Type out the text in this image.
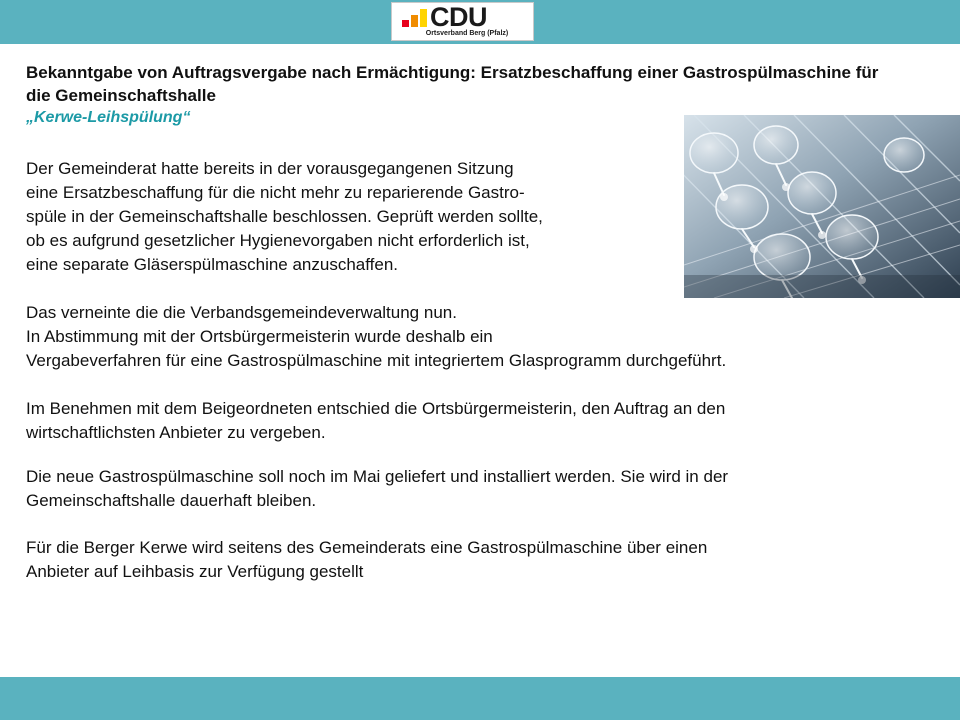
CDU
Ortsverband Berg (Pfalz)
Bekanntgabe von Auftragsvergabe nach Ermächtigung: Ersatzbeschaffung einer Gastrospülmaschine für die Gemeinschaftshalle
„Kerwe-Leihspülung“
Der Gemeinderat hatte bereits in der vorausgegangenen Sitzung
eine Ersatzbeschaffung für die nicht mehr zu reparierende Gastro-
spüle in der Gemeinschaftshalle beschlossen. Geprüft werden sollte,
ob es aufgrund gesetzlicher Hygienevorgaben nicht erforderlich ist,
eine separate Gläserspülmaschine anzuschaffen.
Das verneinte die die Verbandsgemeindeverwaltung nun.
In Abstimmung mit der Ortsbürgermeisterin wurde deshalb ein
Vergabeverfahren für eine Gastrospülmaschine mit integriertem Glasprogramm durchgeführt.
Im Benehmen mit dem Beigeordneten entschied die Ortsbürgermeisterin, den Auftrag an den
wirtschaftlichsten Anbieter zu vergeben.
Die neue Gastrospülmaschine soll noch im Mai geliefert und installiert werden. Sie wird in der
Gemeinschaftshalle dauerhaft bleiben.
Für die Berger Kerwe wird seitens des Gemeinderats eine Gastrospülmaschine über einen
Anbieter auf Leihbasis zur Verfügung gestellt
